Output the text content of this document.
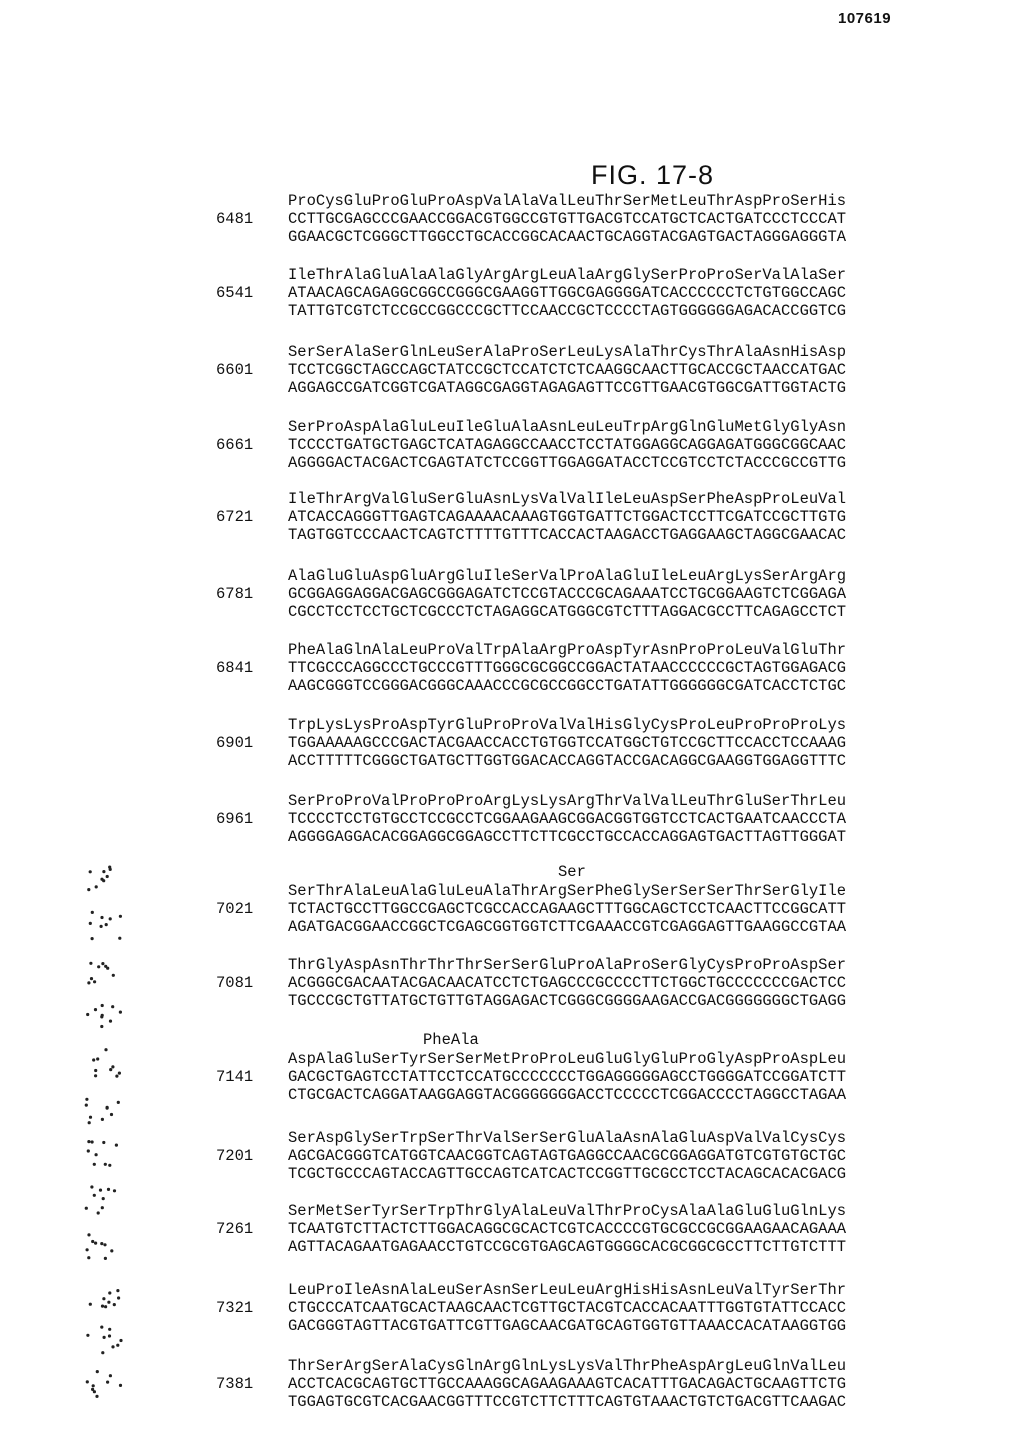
107619
FIG. 17-8
ProCysGluProGluProAspValAlaValLeuThrSerMetLeuThrAspProSerHis
6481	CCTTGCGAGCCCGAACCGGACGTGGCCGTGTTGACGTCCATGCTCACTGATCCCTCCCAT
GGAACGCTCGGGCTTGGCCTGCACCGGCACAACTGCAGGTACGAGTGACTAGGGAGGGTA
IleThrAlaGluAlaAlaGlyArgArgLeuAlaArgGlySerProProSerValAlaSer
6541	ATAACAGCAGAGGCGGCCGGGCGAAGGTTGGCGAGGGGATCACCCCCCTCTGTGGCCAGC
TATTGTCGTCTCCGCCGGCCCGCTTCCAACCGCTCCCCTAGTGGGGGGAGACACCGGTCG
SerSerAlaSerGlnLeuSerAlaProSerLeuLysAlaThrCysThrAlaAsnHisAsp
6601	TCCTCGGCTAGCCAGCTATCCGCTCCATCTCTCAAGGCAACTTGCACCGCTAACCATGAC
AGGAGCCGATCGGTCGATAGGCGAGGTAGAGAGTTCCGTTGAACGTGGCGATTGGTACTG
SerProAspAlaGluLeuIleGluAlaAsnLeuLeuTrpArgGlnGluMetGlyGlyAsn
6661	TCCCCTGATGCTGAGCTCATAGAGGCCAACCTCCTATGGAGGCAGGAGATGGGCGGCAAC
AGGGGACTACGACTCGAGTATCTCCGGTTGGAGGATACCTCCGTCCTCTACCCGCCGTTG
IleThrArgValGluSerGluAsnLysValValIleLeuAspSerPheAspProLeuVal
6721	ATCACCAGGGTTGAGTCAGAAAACAAAGTGGTGATTCTGGACTCCTTCGATCCGCTTGTG
TAGTGGTCCCAACTCAGTCTTTTGTTTCACCACTAAGACCTGAGGAAGCTAGGCGAACAC
AlaGluGluAspGluArgGluIleSerValProAlaGluIleLeuArgLysSerArgArg
6781	GCGGAGGAGGACGAGCGGGAGATCTCCGTACCCGCAGAAATCCTGCGGAAGTCTCGGAGA
CGCCTCCTCCTGCTCGCCCTCTAGAGGCATGGGCGTCTTTAGGACGCCTTCAGAGCCTCT
PheAlaGlnAlaLeuProValTrpAlaArgProAspTyrAsnProProLeuValGluThr
6841	TTCGCCCAGGCCCTGCCCGTTTGGGCGCGGCCGGACTATAACCCCCCGCTAGTGGAGACG
AAGCGGGTCCGGGACGGGCAAACCCGCGCCGGCCTGATATTGGGGGGCGATCACCTCTGC
TrpLysLysProAspTyrGluProProValValHisGlyCysProLeuProProProLys
6901	TGGAAAAAGCCCGACTACGAACCACCTGTGGTCCATGGCTGTCCGCTTCCACCTCCAAAG
ACCTTTTTCGGGCTGATGCTTGGTGGACACCAGGTACCGACAGGCGAAGGTGGAGGTTTC
SerProProValProProProArgLysLysArgThrValValLeuThrGluSerThrLeu
6961	TCCCCTCCTGTGCCTCCGCCTCGGAAGAAGCGGACGGTGGTCCTCACTGAATCAACCCTA
AGGGGAGGACACGGAGGCGGAGCCTTCTTCGCCTGCCACCAGGAGTGACTTAGTTGGGAT
Ser
SerThrAlaLeuAlaGluLeuAlaThrArgSerPheGlySerSerSerThrSerGlyIle
7021	TCTACTGCCTTGGCCGAGCTCGCCACCAGAAGCTTTGGCAGCTCCTCAACTTCCGGCATT
AGATGACGGAACCGGCTCGAGCGGTGGTCTTCGAAACCGTCGAGGAGTTGAAGGCCGTAA
ThrGlyAspAsnThrThrThrSerSerGluProAlaProSerGlyCysProProAspSer
7081	ACGGGCGACAATACGACAACATCCTCTGAGCCCGCCCCTTCTGGCTGCCCCCCCGACTCC
TGCCCGCTGTTATGCTGTTGTAGGAGACTCGGGCGGGGAAGACCGACGGGGGGGCTGAGG
PheAla
AspAlaGluSerTyrSerSerMetProProLeuGluGlyGluProGlyAspProAspLeu
7141	GACGCTGAGTCCTATTCCTCCATGCCCCCCCTGGAGGGGGAGCCTGGGGATCCGGATCTT
CTGCGACTCAGGATAAGGAGGTACGGGGGGGACCTCCCCCTCGGACCCCTAGGCCTAGAA
SerAspGlySerTrpSerThrValSerSerGluAlaAsnAlaGluAspValValCysCys
7201	AGCGACGGGTCATGGTCAACGGTCAGTAGTGAGGCCAACGCGGAGGATGTCGTGTGCTGC
TCGCTGCCCAGTACCAGTTGCCAGTCATCACTCCGGTTGCGCCTCCTACAGCACACGACG
SerMetSerTyrSerTrpThrGlyAlaLeuValThrProCysAlaAlaGluGluGlnLys
7261	TCAATGTCTTACTCTTGGACAGGCGCACTCGTCACCCCGTGCGCCGCGGAAGAACAGAAA
AGTTACAGAATGAGAACCTGTCCGCGTGAGCAGTGGGGCACGCGGCGCCTTCTTGTCTTT
LeuProIleAsnAlaLeuSerAsnSerLeuLeuArgHisHisAsnLeuValTyrSerThr
7321	CTGCCCATCAATGCACTAAGCAACTCGTTGCTACGTCACCACAATTTGGTGTATTCCACC
GACGGGTAGTTACGTGATTCGTTGAGCAACGATGCAGTGGTGTTAAACCACATAAGGTGG
ThrSerArgSerAlaCysGlnArgGlnLysLysValThrPheAspArgLeuGlnValLeu
7381	ACCTCACGCAGTGCTTGCCAAAGGCAGAAGAAAGTCACATTTGACAGACTGCAAGTTCTG
TGGAGTGCGTCACGAACGGTTTCCGTCTTCTTTCAGTGTAAACTGTCTGACGTTCAAGAC
